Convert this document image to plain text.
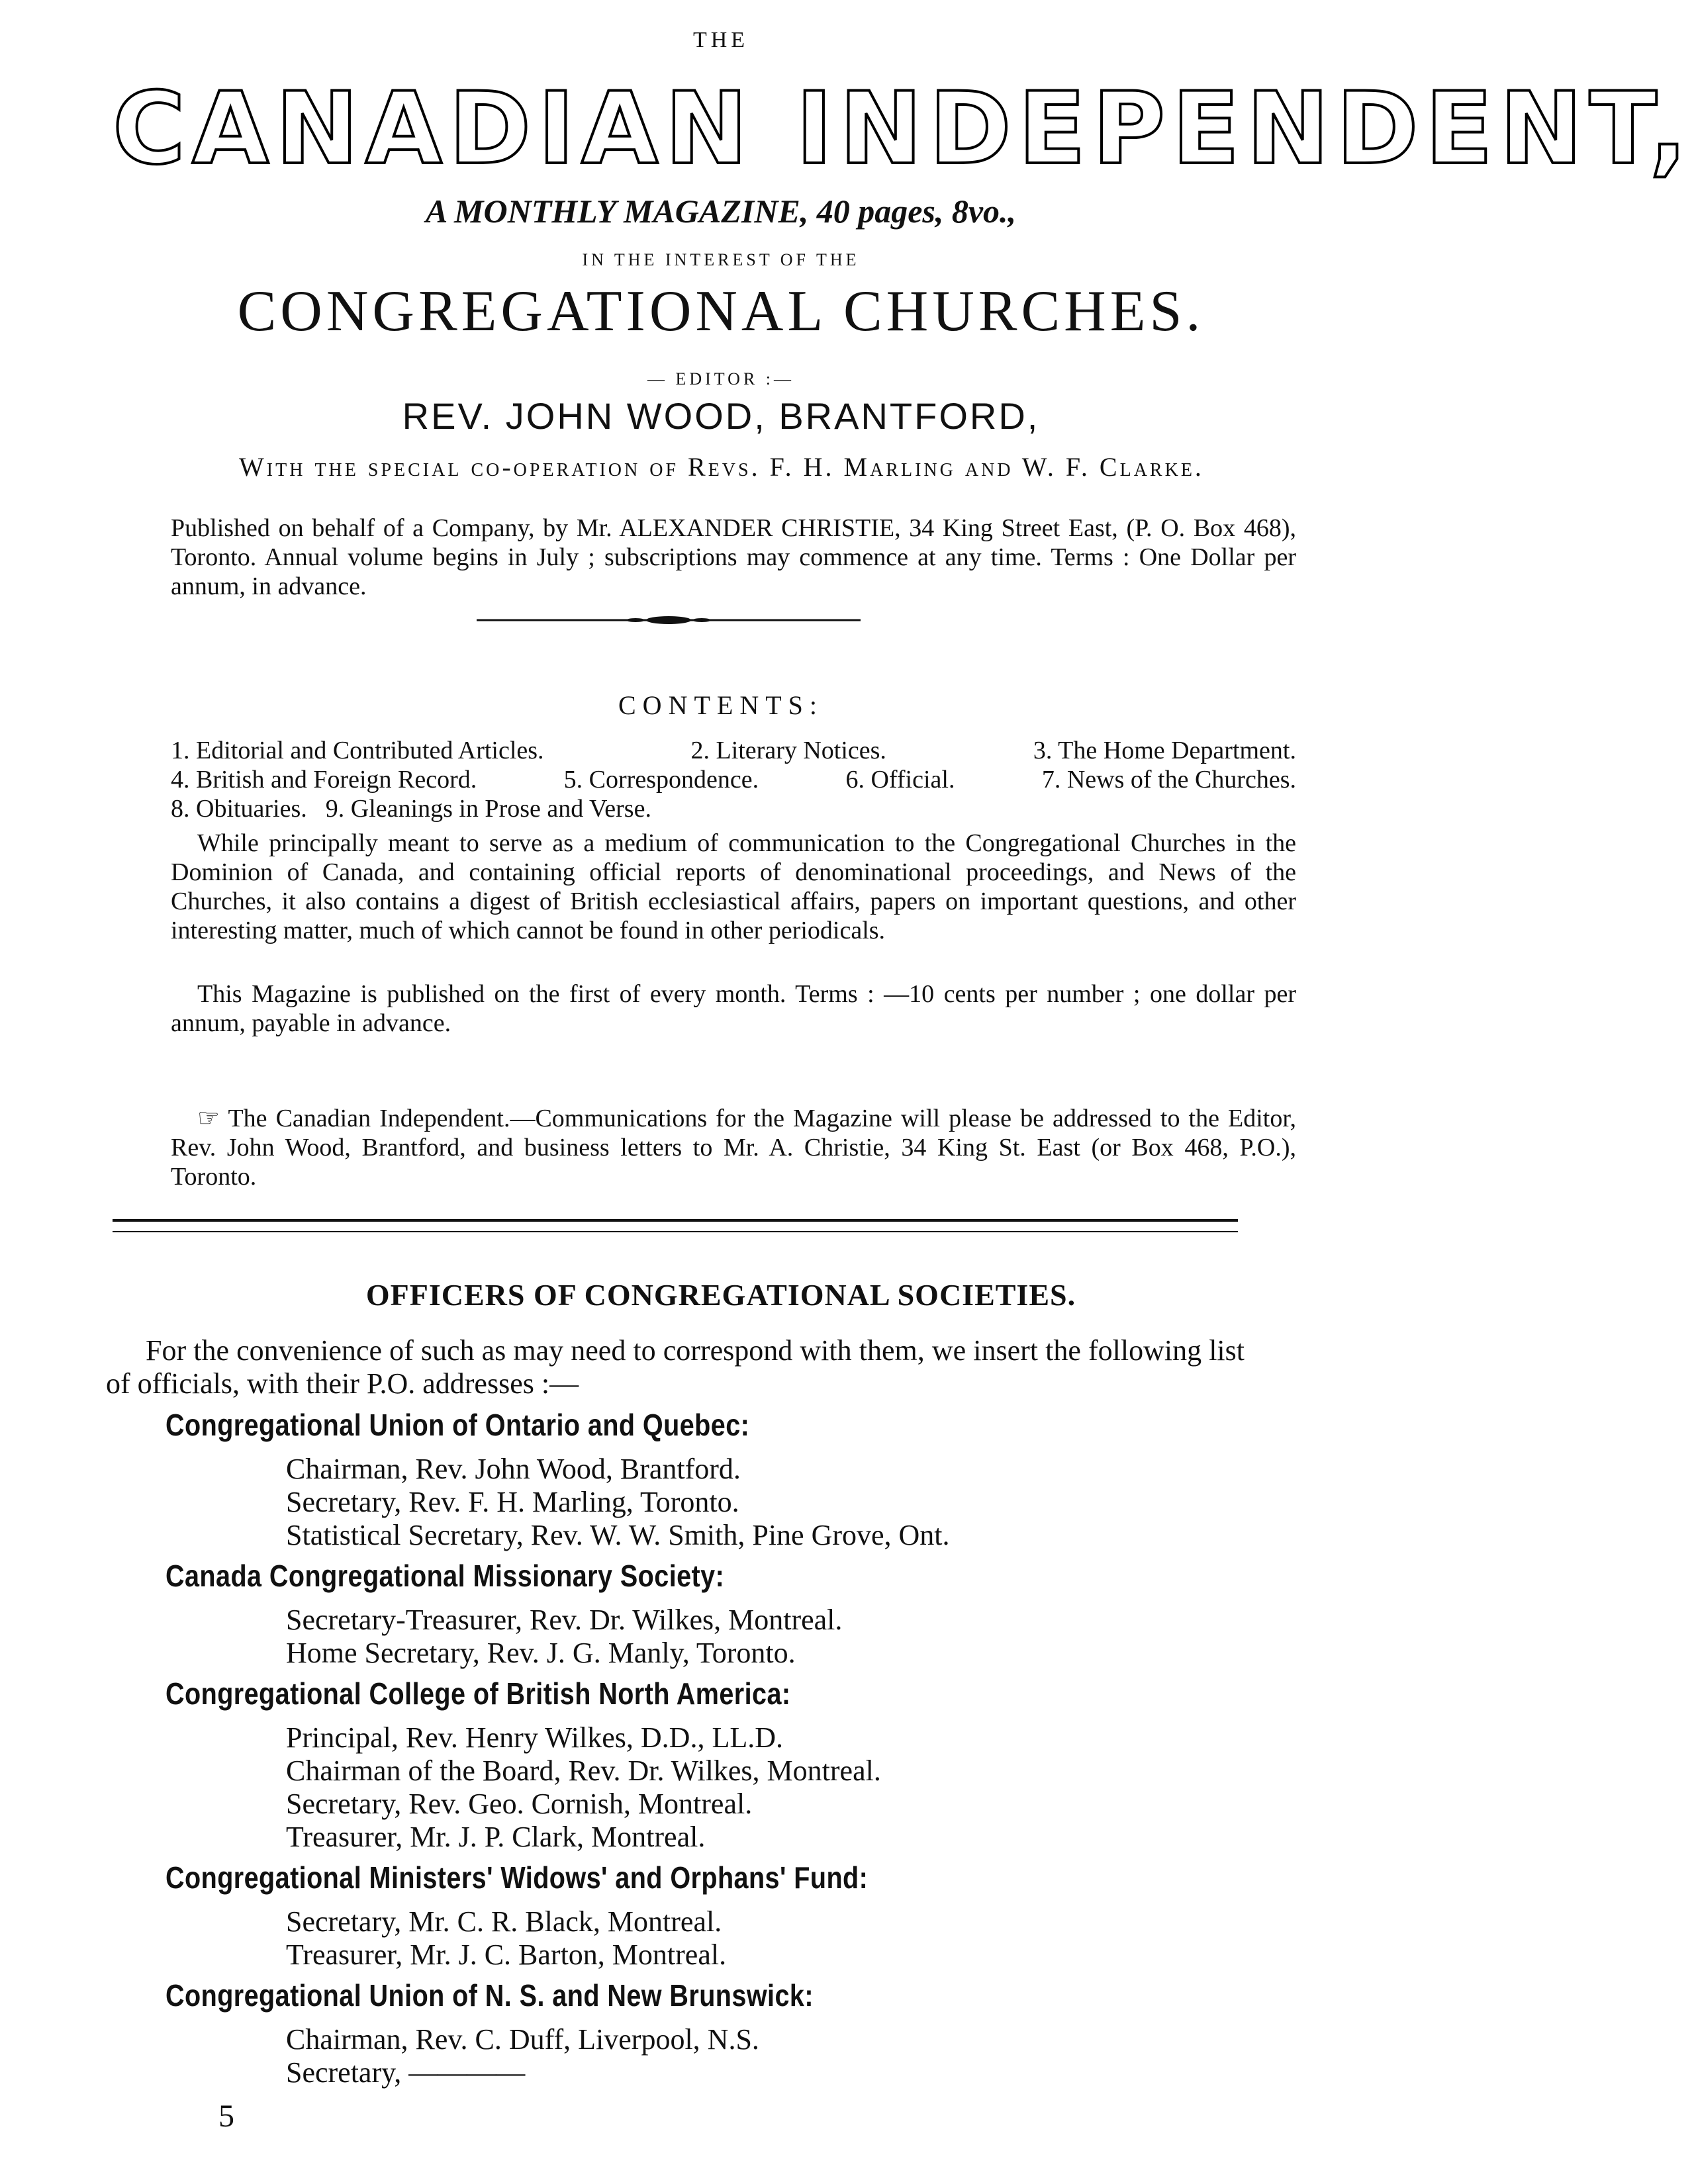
THE
CANADIAN INDEPENDENT,
A MONTHLY MAGAZINE, 40 pages, 8vo.,
IN THE INTEREST OF THE
CONGREGATIONAL CHURCHES.
— EDITOR :—
REV. JOHN WOOD, BRANTFORD,
With the special co-operation of Revs. F. H. Marling and W. F. Clarke.
Published on behalf of a Company, by Mr. ALEXANDER CHRISTIE, 34 King Street East, (P. O. Box 468), Toronto. Annual volume begins in July ; subscriptions may commence at any time. Terms : One Dollar per annum, in advance.
CONTENTS:
1. Editorial and Contributed Articles.	2. Literary Notices.	3. The Home Department.
4. British and Foreign Record.	5. Correspondence.	6. Official.	7. News of the Churches.
8. Obituaries. 9. Gleanings in Prose and Verse.
While principally meant to serve as a medium of communication to the Congregational Churches in the Dominion of Canada, and containing official reports of denominational proceedings, and News of the Churches, it also contains a digest of British ecclesiastical affairs, papers on important questions, and other interesting matter, much of which cannot be found in other periodicals.
This Magazine is published on the first of every month. Terms : —10 cents per number ; one dollar per annum, payable in advance.
☞ The Canadian Independent.—Communications for the Magazine will please be addressed to the Editor, Rev. John Wood, Brantford, and business letters to Mr. A. Christie, 34 King St. East (or Box 468, P.O.), Toronto.
OFFICERS OF CONGREGATIONAL SOCIETIES.
For the convenience of such as may need to correspond with them, we insert the following list of officials, with their P.O. addresses :—
Congregational Union of Ontario and Quebec:
Chairman, Rev. John Wood, Brantford.
Secretary, Rev. F. H. Marling, Toronto.
Statistical Secretary, Rev. W. W. Smith, Pine Grove, Ont.
Canada Congregational Missionary Society:
Secretary-Treasurer, Rev. Dr. Wilkes, Montreal.
Home Secretary, Rev. J. G. Manly, Toronto.
Congregational College of British North America:
Principal, Rev. Henry Wilkes, D.D., LL.D.
Chairman of the Board, Rev. Dr. Wilkes, Montreal.
Secretary, Rev. Geo. Cornish, Montreal.
Treasurer, Mr. J. P. Clark, Montreal.
Congregational Ministers' Widows' and Orphans' Fund:
Secretary, Mr. C. R. Black, Montreal.
Treasurer, Mr. J. C. Barton, Montreal.
Congregational Union of N. S. and New Brunswick:
Chairman, Rev. C. Duff, Liverpool, N.S.
Secretary, ————
5
